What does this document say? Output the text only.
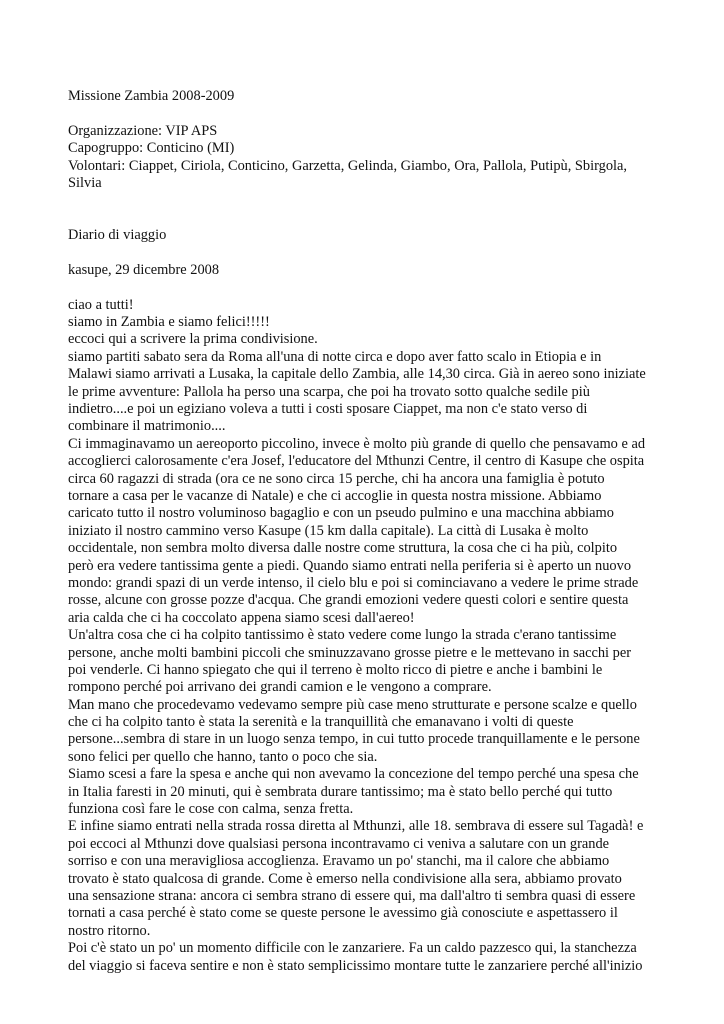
Missione Zambia 2008-2009
Organizzazione: VIP APS
Capogruppo: Conticino (MI)
Volontari: Ciappet, Ciriola, Conticino, Garzetta, Gelinda, Giambo, Ora, Pallola, Putipù, Sbirgola,
Silvia
Diario di viaggio
kasupe, 29 dicembre 2008
ciao a tutti!
siamo in Zambia e siamo felici!!!!!
eccoci qui a scrivere la prima condivisione.
siamo partiti sabato sera da Roma all'una di notte circa e dopo aver fatto scalo in Etiopia e in
Malawi siamo arrivati a Lusaka, la capitale dello Zambia, alle 14,30 circa. Già in aereo sono iniziate
le prime avventure: Pallola ha perso una scarpa, che poi ha trovato sotto qualche sedile più
indietro....e poi un egiziano voleva a tutti i costi sposare Ciappet, ma non c'e stato verso di
combinare il matrimonio....
Ci immaginavamo un aereoporto piccolino, invece è molto più grande di quello che pensavamo e ad
accoglierci calorosamente c'era Josef, l'educatore del Mthunzi Centre, il centro di Kasupe che ospita
circa 60 ragazzi di strada (ora ce ne sono circa 15 perche, chi ha ancora una famiglia è potuto
tornare a casa per le vacanze di Natale) e che ci accoglie in questa nostra missione. Abbiamo
caricato tutto il nostro voluminoso bagaglio e con un pseudo pulmino e una macchina abbiamo
iniziato il nostro cammino verso Kasupe (15 km dalla capitale). La città di Lusaka è molto
occidentale, non sembra molto diversa dalle nostre come struttura, la cosa che ci ha più, colpito
però era vedere tantissima gente a piedi. Quando siamo entrati nella periferia si è aperto un nuovo
mondo: grandi spazi di un verde intenso, il cielo blu e poi si cominciavano a vedere le prime strade
rosse, alcune con grosse pozze d'acqua. Che grandi emozioni vedere questi colori e sentire questa
aria calda che ci ha coccolato appena siamo scesi dall'aereo!
Un'altra cosa che ci ha colpito tantissimo è stato vedere come lungo la strada c'erano tantissime
persone, anche molti bambini piccoli che sminuzzavano grosse pietre e le mettevano in sacchi per
poi venderle. Ci hanno spiegato che qui il terreno è molto ricco di pietre e anche i bambini le
rompono perché poi arrivano dei grandi camion e le vengono a comprare.
Man mano che procedevamo vedevamo sempre più case meno strutturate e persone scalze e quello
che ci ha colpito tanto è stata la serenità e la tranquillità che emanavano i volti di queste
persone...sembra di stare in un luogo senza tempo, in cui tutto procede tranquillamente e le persone
sono felici per quello che hanno, tanto o poco che sia.
Siamo scesi a fare la spesa e anche qui non avevamo la concezione del tempo perché una spesa che
in Italia faresti in 20 minuti, qui è sembrata durare tantissimo; ma è stato bello perché qui tutto
funziona così fare le cose con calma, senza fretta.
E infine siamo entrati nella strada rossa diretta al Mthunzi, alle 18. sembrava di essere sul Tagadà! e
poi eccoci al Mthunzi dove qualsiasi persona incontravamo ci veniva a salutare con un grande
sorriso e con una meravigliosa accoglienza. Eravamo un po' stanchi, ma il calore che abbiamo
trovato è stato qualcosa di grande. Come è emerso nella condivisione alla sera, abbiamo provato
una sensazione strana: ancora ci sembra strano di essere qui, ma dall'altro ti sembra quasi di essere
tornati a casa perché è stato come se queste persone le avessimo già conosciute e aspettassero il
nostro ritorno.
Poi c'è stato un po' un momento difficile con le zanzariere. Fa un caldo pazzesco qui, la stanchezza
del viaggio si faceva sentire e non è stato semplicissimo montare tutte le zanzariere perché all'inizio
